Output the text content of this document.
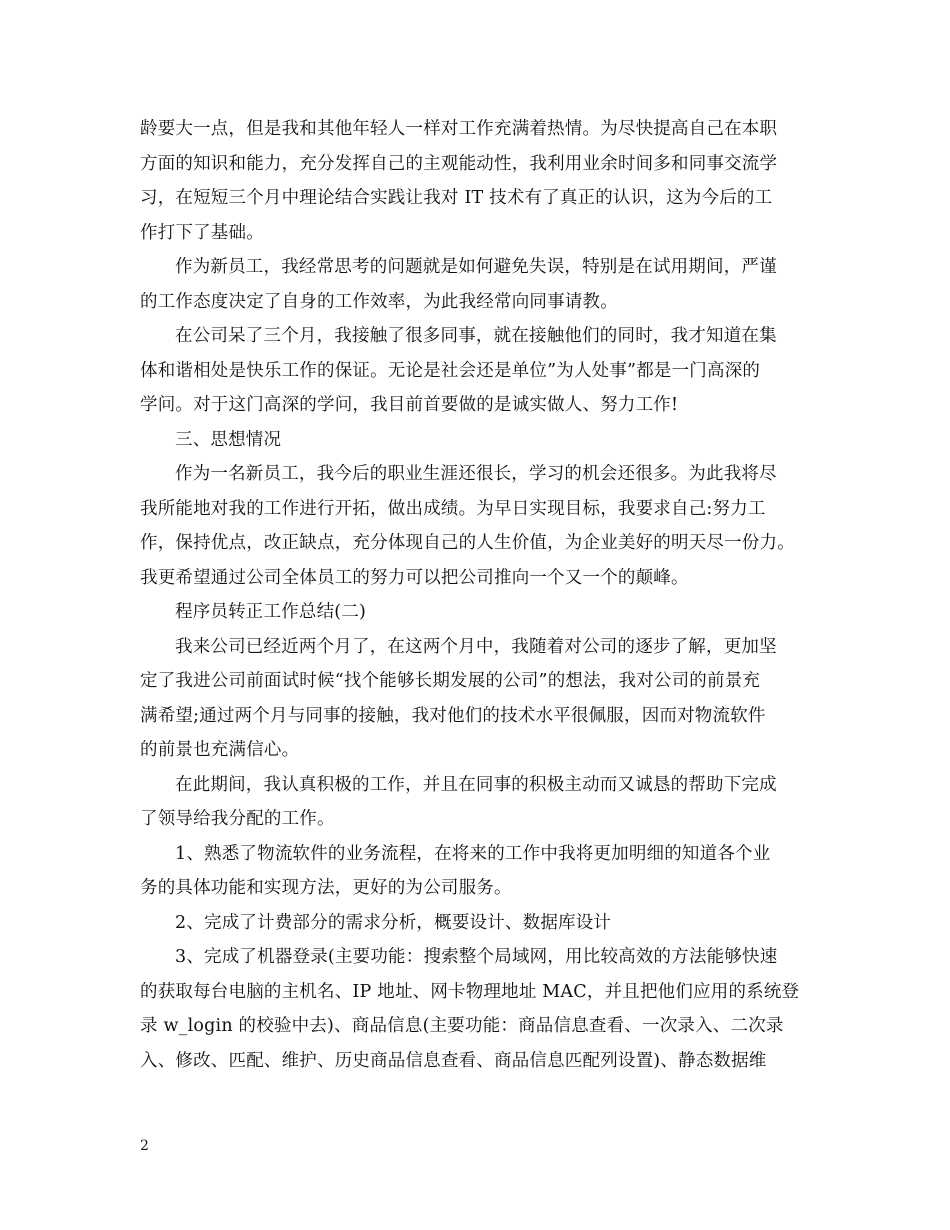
龄要大一点，但是我和其他年轻人一样对工作充满着热情。为尽快提高自己在本职
方面的知识和能力，充分发挥自己的主观能动性，我利用业余时间多和同事交流学
习，在短短三个月中理论结合实践让我对 IT 技术有了真正的认识，这为今后的工
作打下了基础。
作为新员工，我经常思考的问题就是如何避免失误，特别是在试用期间，严谨
的工作态度决定了自身的工作效率，为此我经常向同事请教。
在公司呆了三个月，我接触了很多同事，就在接触他们的同时，我才知道在集
体和谐相处是快乐工作的保证。无论是社会还是单位”为人处事”都是一门高深的
学问。对于这门高深的学问，我目前首要做的是诚实做人、努力工作!
三、思想情况
作为一名新员工，我今后的职业生涯还很长，学习的机会还很多。为此我将尽
我所能地对我的工作进行开拓，做出成绩。为早日实现目标，我要求自己:努力工
作，保持优点，改正缺点，充分体现自己的人生价值，为企业美好的明天尽一份力。
我更希望通过公司全体员工的努力可以把公司推向一个又一个的颠峰。
程序员转正工作总结(二)
我来公司已经近两个月了，在这两个月中，我随着对公司的逐步了解，更加坚
定了我进公司前面试时候“找个能够长期发展的公司”的想法，我对公司的前景充
满希望;通过两个月与同事的接触，我对他们的技术水平很佩服，因而对物流软件
的前景也充满信心。
在此期间，我认真积极的工作，并且在同事的积极主动而又诚恳的帮助下完成
了领导给我分配的工作。
1、熟悉了物流软件的业务流程，在将来的工作中我将更加明细的知道各个业
务的具体功能和实现方法，更好的为公司服务。
2、完成了计费部分的需求分析，概要设计、数据库设计
3、完成了机器登录(主要功能：搜索整个局域网，用比较高效的方法能够快速
的获取每台电脑的主机名、IP 地址、网卡物理地址 MAC，并且把他们应用的系统登
录 w_login 的校验中去)、商品信息(主要功能：商品信息查看、一次录入、二次录
入、修改、匹配、维护、历史商品信息查看、商品信息匹配列设置)、静态数据维
2
